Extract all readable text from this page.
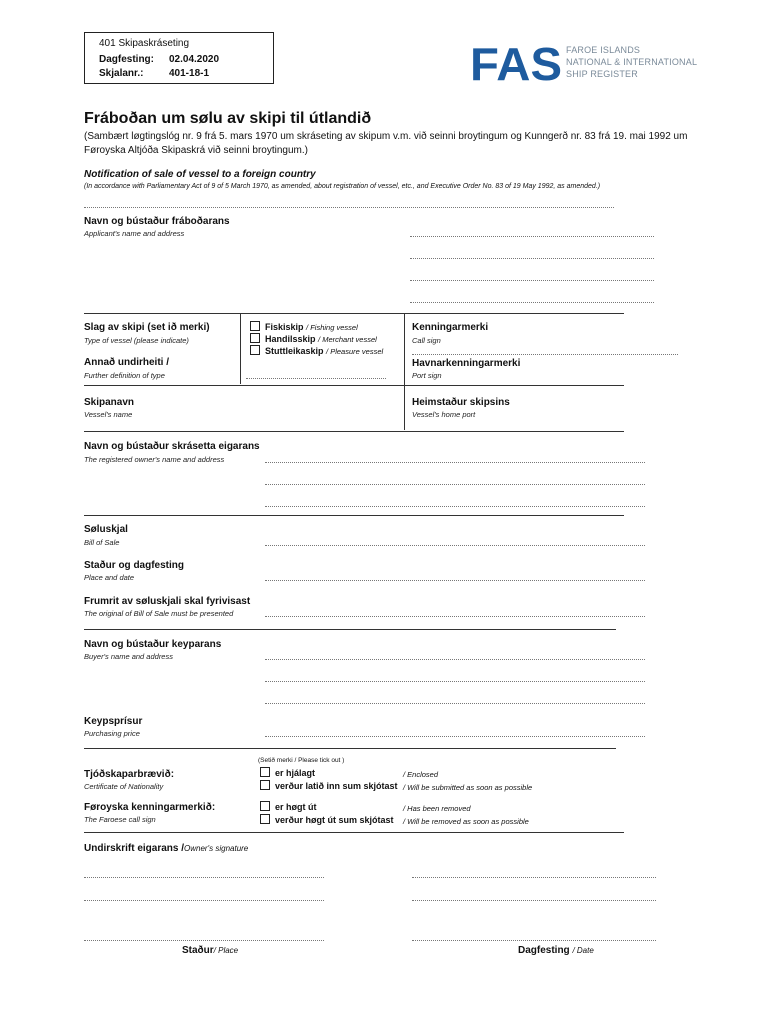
401 Skipaskráseting
Dagfesting: 02.04.2020
Skjalanr.:	401-18-1	FAS FAROE ISLANDS
NATIONAL & INTERNATIONAL
SHIP REGISTER
Fráboðan um sølu av skipi til útlandið
(Sambært løgtingslóg nr. 9 frá 5. mars 1970 um skráseting av skipum v.m. við seinni broytingum og Kunngerð nr. 83 frá 19. mai 1992 um Føroyska Altjóða Skipaskrá við seinni broytingum.)
Notification of sale of vessel to a foreign country
(In accordance with Parliamentary Act of 9 of 5 March 1970, as amended, about registration of vessel, etc., and Executive Order No. 83 of 19 May 1992, as amended.)
Navn og bústaður fráboðarans
Applicant's name and address
Slag av skipi (set ið merki)
Type of vessel (please indicate)
Fiskiskip / Fishing vessel
Handilsskip / Merchant vessel
Stuttleikaskip / Pleasure vessel
Kenningarmerki
Call sign
Annað undirheiti /
Further definition of type
Havnarkenningarmerki
Port sign
Skipanavn
Vessel's name
Heimstaður skipsins
Vessel's home port
Navn og bústaður skrásetta eigarans
The registered owner's name and address
Søluskjal
Bill of Sale
Staður og dagfesting
Place and date
Frumrit av søluskjali skal fyrivisast
The original of Bill of Sale must be presented
Navn og bústaður keyparans
Buyer's name and address
Keypsprísur
Purchasing price
(Setið merki / Please tick out )
Tjóðskaparbrævið:
Certificate of Nationality
er hjálagt	/ Enclosed
verður latið inn sum skjótast / Will be submitted as soon as possible
Føroyska kenningarmerkið:
The Faroese call sign
er høgt út	/ Has been removed
verður høgt út sum skjótast / Will be removed as soon as possible
Undirskrift eigarans /Owner's signature
Staður/ Place	Dagfesting / Date
